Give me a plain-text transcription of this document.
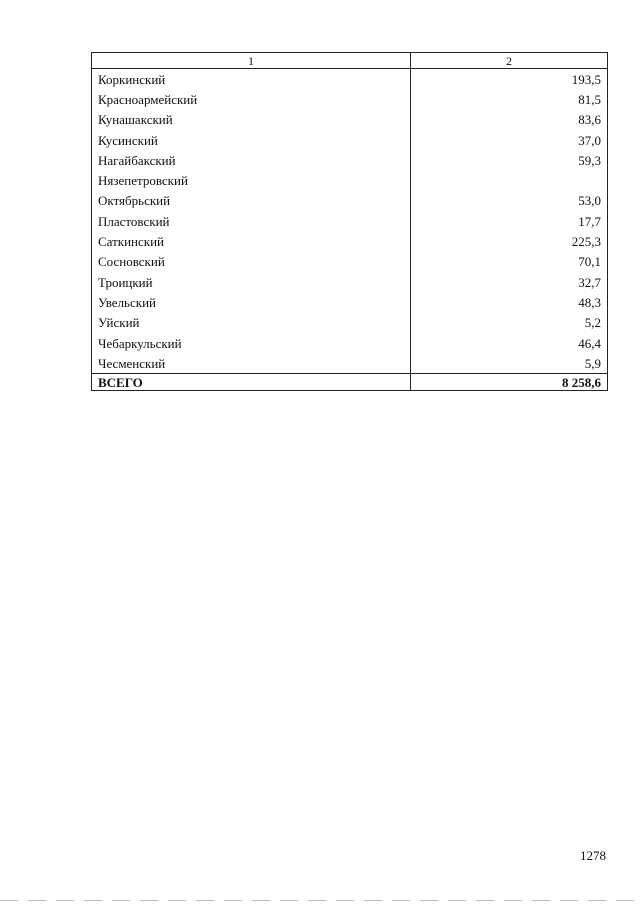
1	2
Коркинский	193,5
Красноармейский	81,5
Кунашакский	83,6
Кусинский	37,0
Нагайбакский	59,3
Нязепетровский	
Октябрьский	53,0
Пластовский	17,7
Саткинский	225,3
Сосновский	70,1
Троицкий	32,7
Увельский	48,3
Уйский	5,2
Чебаркульский	46,4
Чесменский	5,9
ВСЕГО	8 258,6
1278
